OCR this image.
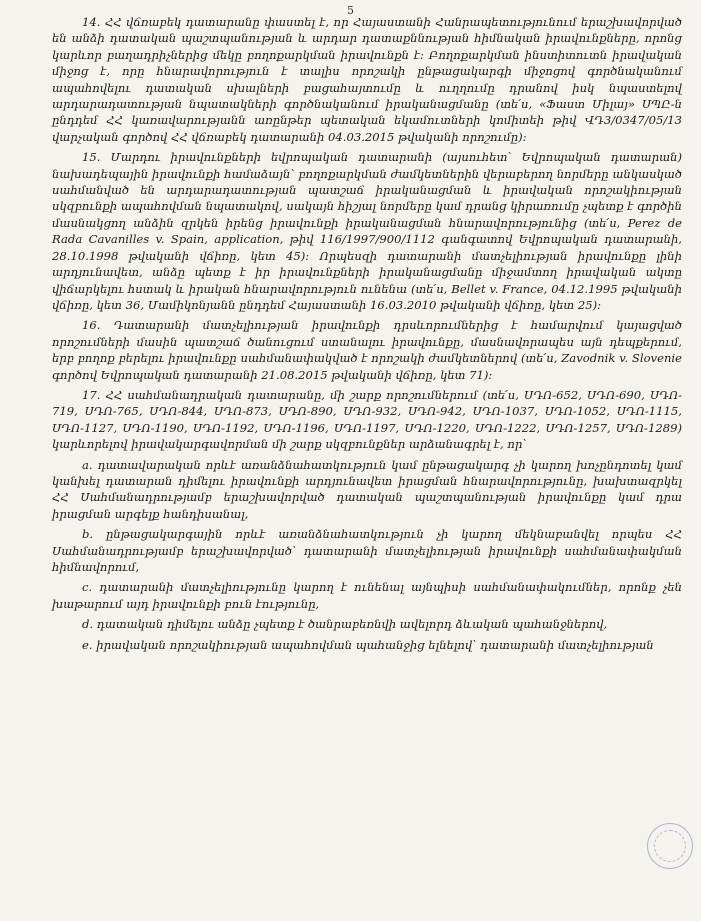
5

14. ՀՀ վճռաբեկ դատարանը փաստել է, որ Հայաստանի Հանրապետությունում երաշխավորված են անձի դատական պաշտպանության և արդար դատաքննության հիմնական իրավունքները, որոնց կարևոր բաղադրիչներից մեկը բողոքարկման իրավունքն է: Բողոքարկման ինստիտուտն իրավական միջոց է, որը հնարավորություն է տալիս որոշակի ընթացակարգի միջոցով գործնականում ապահովելու դատական սխալների բացահայտումը և ուղղումը դրանով իսկ նպաստելով արդարադատության նպատակների գործնականում իրականացմանը (տե՛ս, «Ֆաստ Միլայ» ՍՊԸ-ն ընդդեմ ՀՀ կառավարությանն առընթեր պետական եկամուտների կոմիտեի թիվ ՎԴ3/0347/05/13 վարչական գործով ՀՀ վճռաբեկ դատարանի 04.03.2015 թվականի որոշումը):

15. Մարդու իրավունքների եվրոպական դատարանի (այսուհետ՝ Եվրոպական դատարան) նախադեպային իրավունքի համաձայն՝ բողոքարկման ժամկետներին վերաբերող նորմերը անկասկած սահմանված են արդարադատության պատշաճ իրականացման և իրավական որոշակիության սկզբունքի ապահովման նպատակով, սակայն հիշյալ նորմերը կամ դրանց կիրառումը չպետք է գործին մասնակցող անձին զրկեն իրենց իրավունքի իրականացման հնարավորությունից (տե՛ս, Perez de Rada Cavanilles v. Spain, application, թիվ 116/1997/900/1112 գանգատով Եվրոպական դատարանի, 28.10.1998 թվականի վճիռը, կետ 45): Որպեսզի դատարանի մատչելիության իրավունքը լինի արդյունավետ, անձը պետք է իր իրավունքների իրականացմանը միջամտող իրավական ակտը վիճարկելու հստակ և իրական հնարավորություն ունենա (տե՛ս, Bellet v. France, 04.12.1995 թվականի վճիռը, կետ 36, Մամիկոնյանն ընդդեմ Հայաստանի 16.03.2010 թվականի վճիռը, կետ 25):

16. Դատարանի մատչելիության իրավունքի դրսևորումներից է համարվում կայացված որոշումների մասին պատշաճ ծանուցում ստանալու իրավունքը, մասնավորապես այն դեպքերում, երբ բողոք բերելու իրավունքը սահմանափակված է որոշակի ժամկետներով (տե՛ս, Zavodnik v. Slovenie գործով Եվրոպական դատարանի 21.08.2015 թվականի վճիռը, կետ 71):

17. ՀՀ սահմանադրական դատարանը, մի շարք որոշումներում (տե՛ս, ՍԴՈ-652, ՍԴՈ-690, ՍԴՈ- 719, ՍԴՈ-765, ՍԴՈ-844, ՍԴՈ-873, ՍԴՈ-890, ՍԴՈ-932, ՍԴՈ-942, ՍԴՈ-1037, ՍԴՈ-1052, ՍԴՈ-1115, ՍԴՈ-1127, ՍԴՈ-1190, ՍԴՈ-1192, ՍԴՈ-1196, ՍԴՈ-1197, ՍԴՈ-1220, ՍԴՈ-1222, ՍԴՈ-1257, ՍԴՈ-1289) կարևորելով իրավակարգավորման մի շարք սկզբունքներ արձանագրել է, որ՝

a. դատավարական որևէ առանձնահատկություն կամ ընթացակարգ չի կարող խոչընդոտել կամ կանխել դատարան դիմելու իրավունքի արդյունավետ իրացման հնարավորությունը, խախտազրկել ՀՀ Սահմանադրությամբ երաշխավորված դատական պաշտպանության իրավունքը կամ դրա իրացման արգելք հանդիսանալ,

b. ընթացակարգային որևէ առանձնահատկություն չի կարող մեկնաբանվել որպես ՀՀ Սահմանադրությամբ երաշխավորված՝ դատարանի մատչելիության իրավունքի սահմանափակման հիմնավորում,

c. դատարանի մատչելիությունը կարող է ունենալ այնպիսի սահմանափակումներ, որոնք չեն խաթարում այդ իրավունքի բուն էությունը,

d. դատական դիմելու անձը չպետք է ծանրաբեռնվի ավելորդ ձևական պահանջներով,

e. իրավական որոշակիության ապահովման պահանջից ելնելով՝ դատարանի մատչելիության
